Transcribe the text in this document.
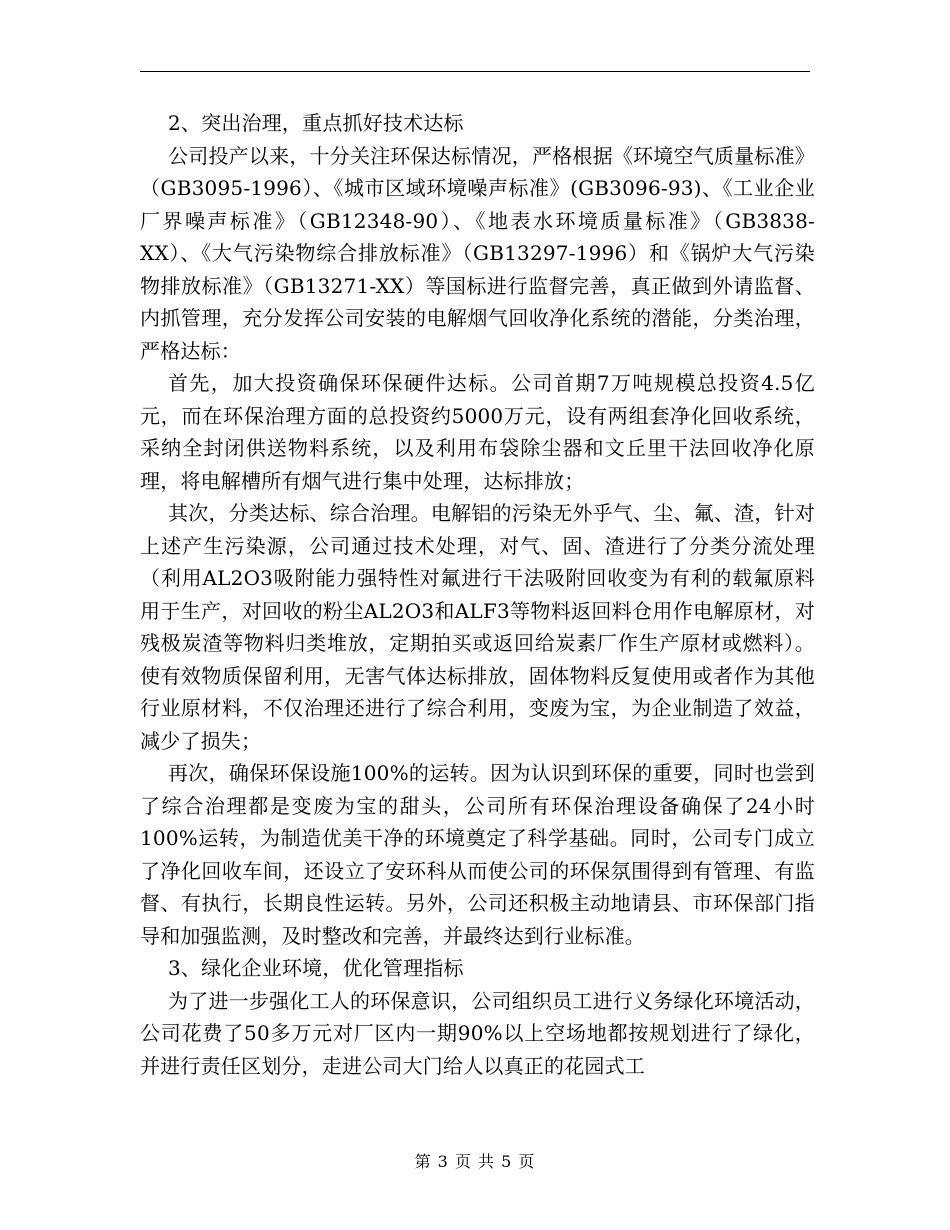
2、突出治理，重点抓好技术达标

公司投产以来，十分关注环保达标情况，严格根据《环境空气质量标准》（GB3095-1996）、《城市区域环境噪声标准》(GB3096-93)、《工业企业厂界噪声标准》（GB12348-90）、《地表水环境质量标准》（GB3838-XX）、《大气污染物综合排放标准》（GB13297-1996）和《锅炉大气污染物排放标准》（GB13271-XX）等国标进行监督完善，真正做到外请监督、内抓管理，充分发挥公司安装的电解烟气回收净化系统的潜能，分类治理，严格达标：

首先，加大投资确保环保硬件达标。公司首期7万吨规模总投资4.5亿元，而在环保治理方面的总投资约5000万元，设有两组套净化回收系统，采纳全封闭供送物料系统，以及利用布袋除尘器和文丘里干法回收净化原理，将电解槽所有烟气进行集中处理，达标排放；

其次，分类达标、综合治理。电解铝的污染无外乎气、尘、氟、渣，针对上述产生污染源，公司通过技术处理，对气、固、渣进行了分类分流处理（利用AL2O3吸附能力强特性对氟进行干法吸附回收变为有利的载氟原料用于生产，对回收的粉尘AL2O3和ALF3等物料返回料仓用作电解原材，对残极炭渣等物料归类堆放，定期拍买或返回给炭素厂作生产原材或燃料）。使有效物质保留利用，无害气体达标排放，固体物料反复使用或者作为其他行业原材料，不仅治理还进行了综合利用，变废为宝，为企业制造了效益，减少了损失；

再次，确保环保设施100%的运转。因为认识到环保的重要，同时也尝到了综合治理都是变废为宝的甜头，公司所有环保治理设备确保了24小时100%运转，为制造优美干净的环境奠定了科学基础。同时，公司专门成立了净化回收车间，还设立了安环科从而使公司的环保氛围得到有管理、有监督、有执行，长期良性运转。另外，公司还积极主动地请县、市环保部门指导和加强监测，及时整改和完善，并最终达到行业标准。

3、绿化企业环境，优化管理指标

为了进一步强化工人的环保意识，公司组织员工进行义务绿化环境活动，公司花费了50多万元对厂区内一期90%以上空场地都按规划进行了绿化，并进行责任区划分，走进公司大门给人以真正的花园式工

第 3 页 共 5 页
